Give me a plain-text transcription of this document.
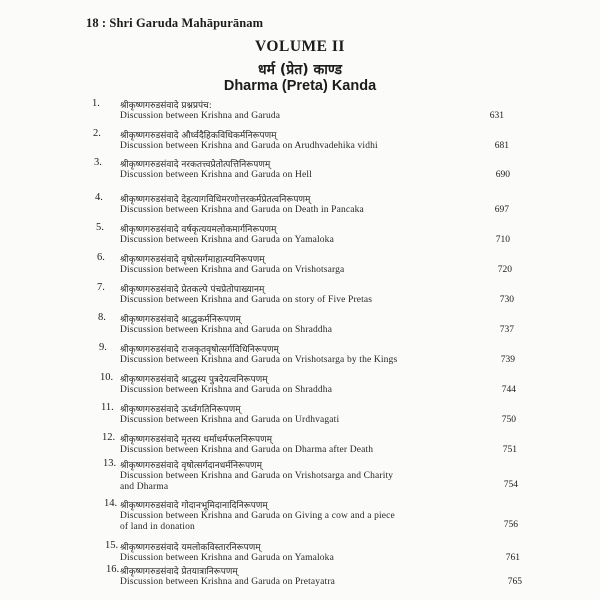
18 : Shri Garuda Mahāpurānam
VOLUME II
धर्म (प्रेत) काण्ड
Dharma (Preta) Kanda
1.	श्रीकृष्णगरुडसंवादे प्रश्नप्रपंच:
Discussion between Krishna and Garuda	631
2.	श्रीकृष्णगरुडसंवादे और्ध्वदैहिकविधिकर्मनिरूपणम्
Discussion between Krishna and Garuda on Arudhvadehika vidhi	681
3.	श्रीकृष्णगरुडसंवादे नरकतत्त्वप्रेतोत्पत्तिनिरूपणम्
Discussion between Krishna and Garuda on Hell	690
4.	श्रीकृष्णगरुडसंवादे देहत्यागविधिमरणोत्तरकर्मप्रेतत्वनिरूपणम्
Discussion between Krishna and Garuda on Death in Pancaka	697
5.	श्रीकृष्णगरुडसंवादे वर्षकृत्ययमलोकमार्गनिरूपणम्
Discussion between Krishna and Garuda on Yamaloka	710
6.	श्रीकृष्णगरुडसंवादे वृषोत्सर्गमाहात्म्यनिरूपणम्
Discussion between Krishna and Garuda on Vrishotsarga	720
7.	श्रीकृष्णगरुडसंवादे प्रेतकल्पे पंचप्रेतोपाख्यानम्
Discussion between Krishna and Garuda on story of Five Pretas	730
8.	श्रीकृष्णगरुडसंवादे श्राद्धकर्मनिरूपणम्
Discussion between Krishna and Garuda on Shraddha	737
9.	श्रीकृष्णगरुडसंवादे राजकृतवृषोत्सर्गविधिनिरूपणम्
Discussion between Krishna and Garuda on Vrishotsarga by the Kings	739
10. श्रीकृष्णगरुडसंवादे श्राद्धस्य पुत्रदेयत्वनिरूपणम्
Discussion between Krishna and Garuda on Shraddha	744
11. श्रीकृष्णगरुडसंवादे ऊर्ध्वगतिनिरूपणम्
Discussion between Krishna and Garuda on Urdhvagati	750
12. श्रीकृष्णगरुडसंवादे मृतस्य धर्माधर्मफलनिरूपणम्
Discussion between Krishna and Garuda on Dharma after Death	751
13. श्रीकृष्णगरुडसंवादे वृषोत्सर्गदानधर्मनिरूपणम्
Discussion between Krishna and Garuda on Vrishotsarga and Charity
and Dharma	754
14. श्रीकृष्णगरुडसंवादे गोदानभूमिदानादिनिरूपणम्
Discussion between Krishna and Garuda on Giving a cow and a piece
of land in donation	756
15. श्रीकृष्णगरुडसंवादे यमलोकविस्तारनिरूपणम्
Discussion between Krishna and Garuda on Yamaloka	761
16. श्रीकृष्णगरुडसंवादे प्रेतयात्रानिरूपणम्
Discussion between Krishna and Garuda on Pretayatra	765
